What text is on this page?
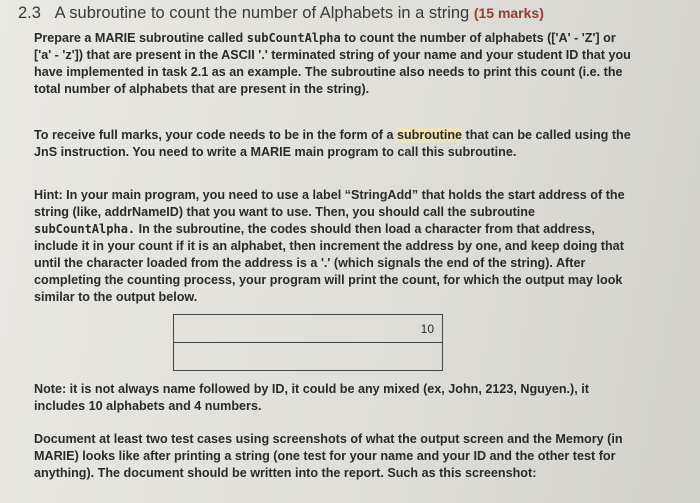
2.3 A subroutine to count the number of Alphabets in a string (15 marks)
Prepare a MARIE subroutine called subCountAlpha to count the number of alphabets (['A' - 'Z'] or ['a' - 'z']) that are present in the ASCII '.' terminated string of your name and your student ID that you have implemented in task 2.1 as an example. The subroutine also needs to print this count (i.e. the total number of alphabets that are present in the string).
To receive full marks, your code needs to be in the form of a subroutine that can be called using the JnS instruction. You need to write a MARIE main program to call this subroutine.
Hint: In your main program, you need to use a label “StringAdd” that holds the start address of the string (like, addrNameID) that you want to use. Then, you should call the subroutine subCountAlpha. In the subroutine, the codes should then load a character from that address, include it in your count if it is an alphabet, then increment the address by one, and keep doing that until the character loaded from the address is a '.' (which signals the end of the string). After completing the counting process, your program will print the count, for which the output may look similar to the output below.
10

Note: it is not always name followed by ID, it could be any mixed (ex, John, 2123, Nguyen.), it includes 10 alphabets and 4 numbers.
Document at least two test cases using screenshots of what the output screen and the Memory (in MARIE) looks like after printing a string (one test for your name and your ID and the other test for anything). The document should be written into the report. Such as this screenshot:
